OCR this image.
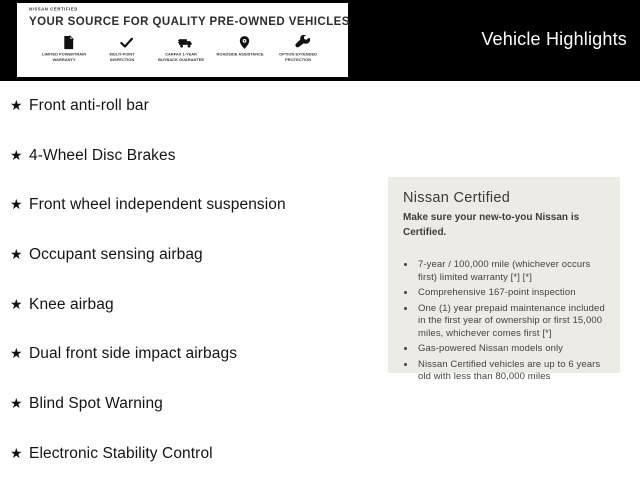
NISSAN CERTIFIED
YOUR SOURCE FOR QUALITY PRE-OWNED VEHICLES
LIMITED POWERTRAIN WARRANTY
MULTI-POINT INSPECTION
CARFAX 1-YEAR BUYBACK GUARANTEE
ROADSIDE ASSISTANCE	OPTION EXTENDED PROTECTION
Vehicle Highlights
★ Front anti-roll bar
★ 4-Wheel Disc Brakes
★ Front wheel independent suspension
★ Occupant sensing airbag
★ Knee airbag
★ Dual front side impact airbags
★ Blind Spot Warning
★ Electronic Stability Control
Nissan Certified
Make sure your new-to-you Nissan is Certified.
• 7-year / 100,000 mile (whichever occurs first) limited warranty [*] [*]
• Comprehensive 167-point inspection
• One (1) year prepaid maintenance included in the first year of ownership or first 15,000 miles, whichever comes first [*]
• Gas-powered Nissan models only
• Nissan Certified vehicles are up to 6 years old with less than 80,000 miles
